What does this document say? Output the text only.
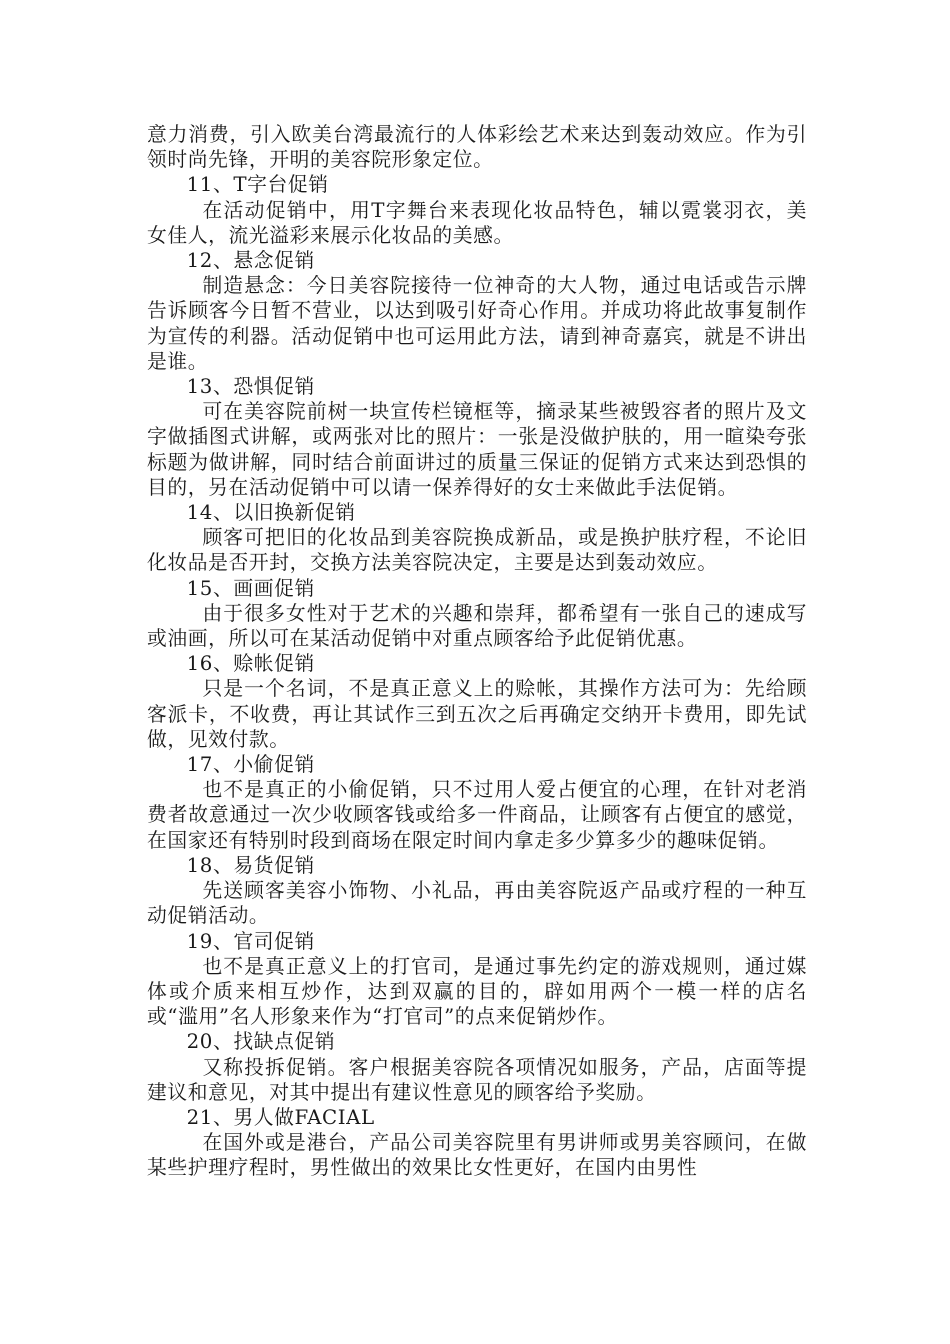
意力消费，引入欧美台湾最流行的人体彩绘艺术来达到轰动效应。作为引领时尚先锋，开明的美容院形象定位。

11、T字台促销

在活动促销中，用T字舞台来表现化妆品特色，辅以霓裳羽衣，美女佳人，流光溢彩来展示化妆品的美感。

12、悬念促销

制造悬念：今日美容院接待一位神奇的大人物，通过电话或告示牌告诉顾客今日暂不营业，以达到吸引好奇心作用。并成功将此故事复制作为宣传的利器。活动促销中也可运用此方法，请到神奇嘉宾，就是不讲出是谁。

13、恐惧促销

可在美容院前树一块宣传栏镜框等，摘录某些被毁容者的照片及文字做插图式讲解，或两张对比的照片：一张是没做护肤的，用一暄染夸张标题为做讲解，同时结合前面讲过的质量三保证的促销方式来达到恐惧的目的，另在活动促销中可以请一保养得好的女士来做此手法促销。

14、以旧换新促销

顾客可把旧的化妆品到美容院换成新品，或是换护肤疗程，不论旧化妆品是否开封，交换方法美容院决定，主要是达到轰动效应。

15、画画促销

由于很多女性对于艺术的兴趣和崇拜，都希望有一张自己的速成写或油画，所以可在某活动促销中对重点顾客给予此促销优惠。

16、赊帐促销

只是一个名词，不是真正意义上的赊帐，其操作方法可为：先给顾客派卡，不收费，再让其试作三到五次之后再确定交纳开卡费用，即先试做，见效付款。

17、小偷促销

也不是真正的小偷促销，只不过用人爱占便宜的心理，在针对老消费者故意通过一次少收顾客钱或给多一件商品，让顾客有占便宜的感觉，在国家还有特别时段到商场在限定时间内拿走多少算多少的趣味促销。

18、易货促销

先送顾客美容小饰物、小礼品，再由美容院返产品或疗程的一种互动促销活动。

19、官司促销

也不是真正意义上的打官司，是通过事先约定的游戏规则，通过媒体或介质来相互炒作，达到双赢的目的，辟如用两个一模一样的店名或“滥用”名人形象来作为“打官司”的点来促销炒作。

20、找缺点促销

又称投拆促销。客户根据美容院各项情况如服务，产品，店面等提建议和意见，对其中提出有建议性意见的顾客给予奖励。

21、男人做FACIAL

在国外或是港台，产品公司美容院里有男讲师或男美容顾问，在做某些护理疗程时，男性做出的效果比女性更好，在国内由男性
